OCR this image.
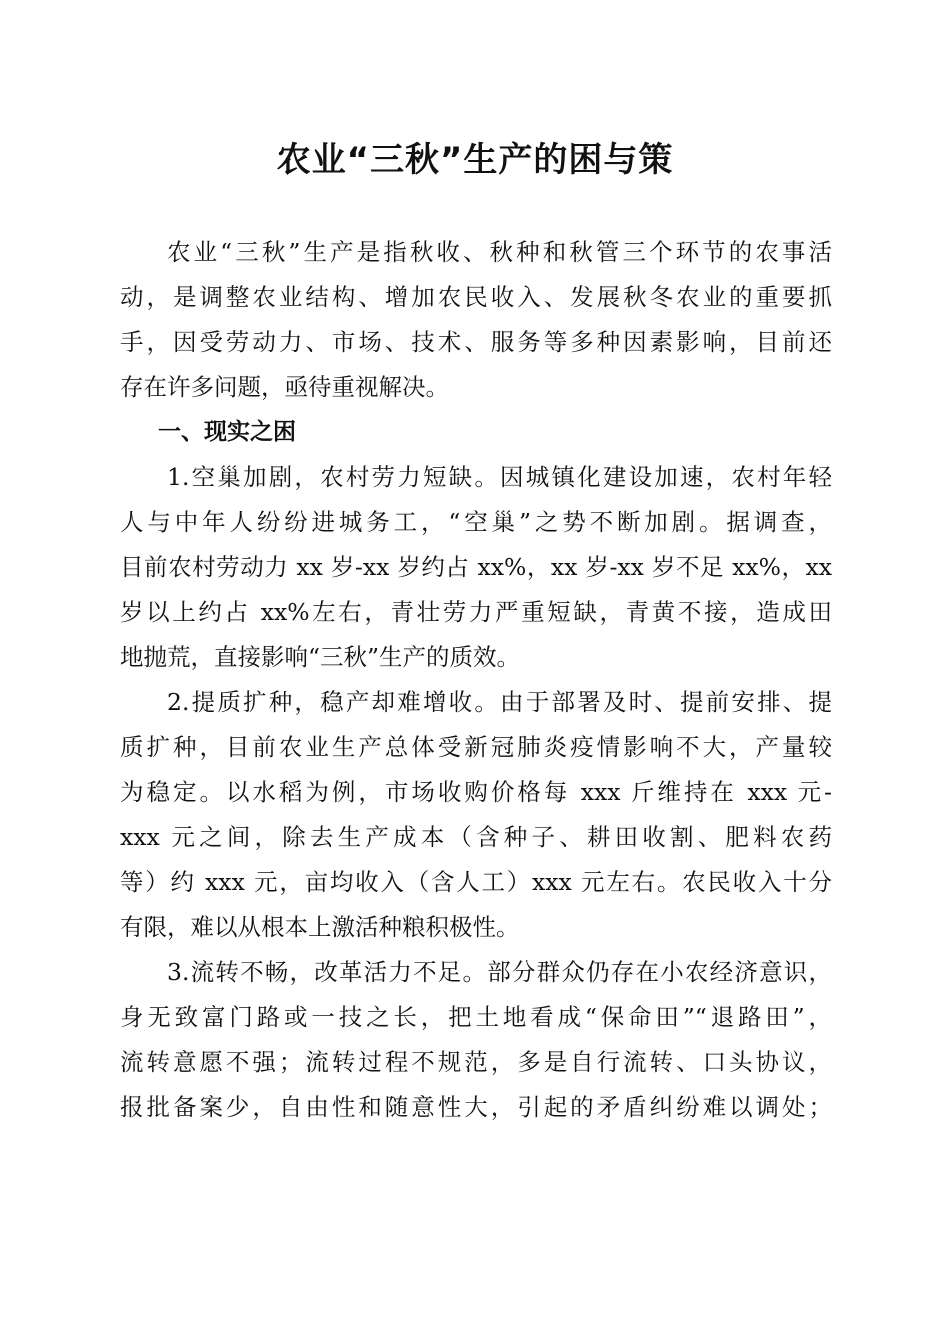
农业“三秋”生产的困与策
农业“三秋”生产是指秋收、秋种和秋管三个环节的农事活
动，是调整农业结构、增加农民收入、发展秋冬农业的重要抓
手，因受劳动力、市场、技术、服务等多种因素影响，目前还
存在许多问题，亟待重视解决。
一、现实之困
1.空巢加剧，农村劳力短缺。因城镇化建设加速，农村年轻
人与中年人纷纷进城务工，“空巢”之势不断加剧。据调查，
目前农村劳动力 xx 岁-xx 岁约占 xx%，xx 岁-xx 岁不足 xx%，xx
岁以上约占 xx%左右，青壮劳力严重短缺，青黄不接，造成田
地抛荒，直接影响“三秋”生产的质效。
2.提质扩种，稳产却难增收。由于部署及时、提前安排、提
质扩种，目前农业生产总体受新冠肺炎疫情影响不大，产量较
为稳定。以水稻为例，市场收购价格每 xxx 斤维持在 xxx 元-
xxx 元之间，除去生产成本（含种子、耕田收割、肥料农药
等）约 xxx 元，亩均收入（含人工）xxx 元左右。农民收入十分
有限，难以从根本上激活种粮积极性。
3.流转不畅，改革活力不足。部分群众仍存在小农经济意识，
身无致富门路或一技之长，把土地看成“保命田”“退路田”，
流转意愿不强；流转过程不规范，多是自行流转、口头协议，
报批备案少，自由性和随意性大，引起的矛盾纠纷难以调处；
